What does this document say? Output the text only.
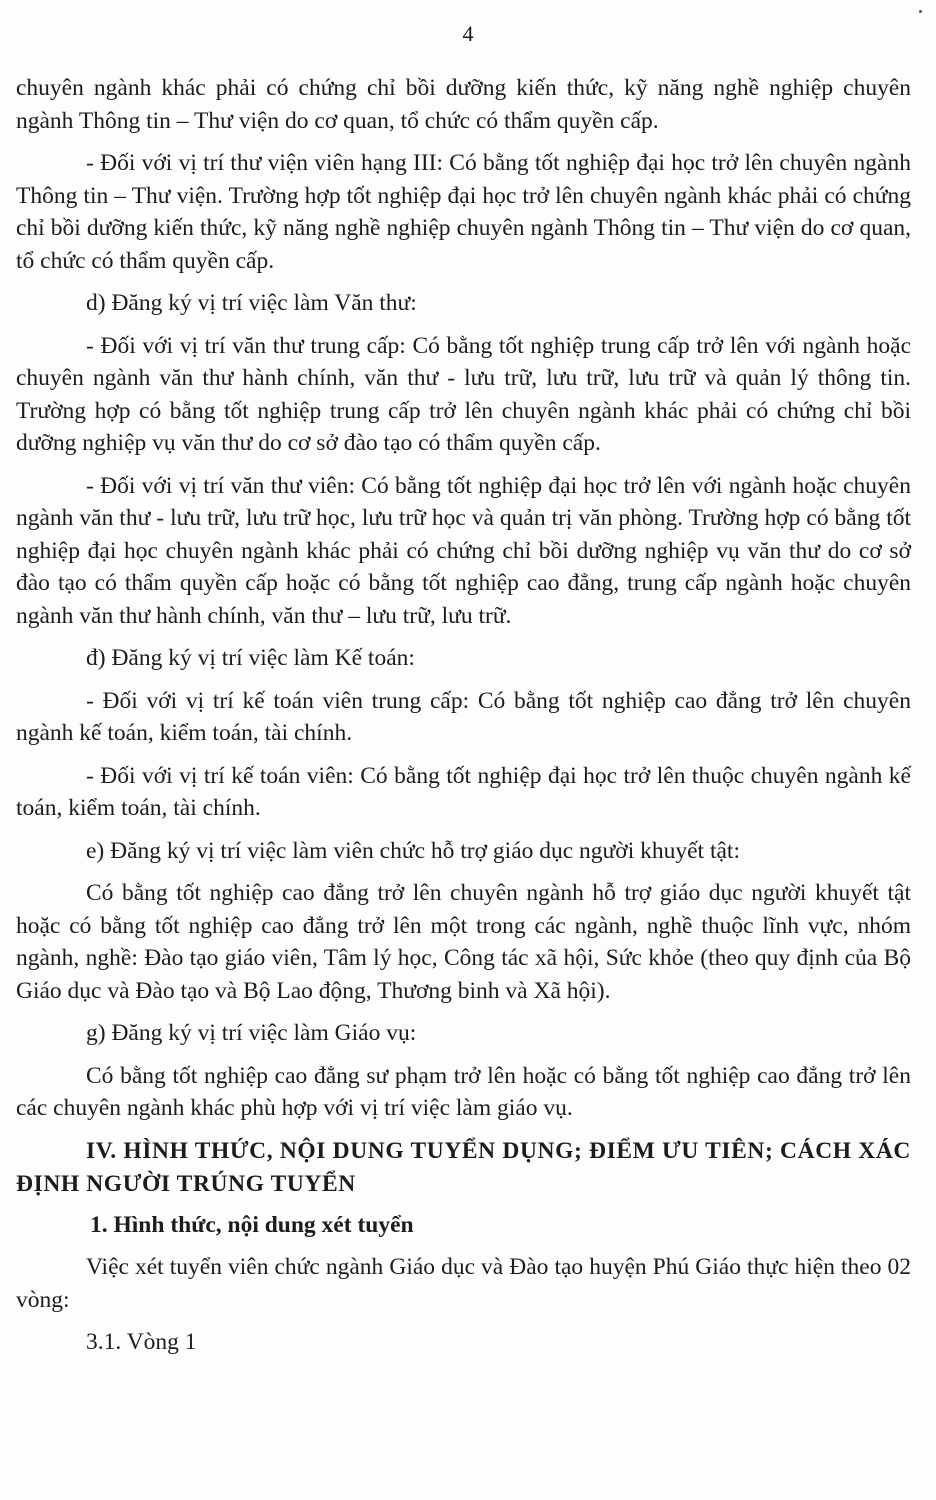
4

chuyên ngành khác phải có chứng chỉ bồi dưỡng kiến thức, kỹ năng nghề nghiệp chuyên ngành Thông tin – Thư viện do cơ quan, tổ chức có thẩm quyền cấp.

- Đối với vị trí thư viện viên hạng III: Có bằng tốt nghiệp đại học trở lên chuyên ngành Thông tin – Thư viện. Trường hợp tốt nghiệp đại học trở lên chuyên ngành khác phải có chứng chỉ bồi dưỡng kiến thức, kỹ năng nghề nghiệp chuyên ngành Thông tin – Thư viện do cơ quan, tổ chức có thẩm quyền cấp.

d) Đăng ký vị trí việc làm Văn thư:

- Đối với vị trí văn thư trung cấp: Có bằng tốt nghiệp trung cấp trở lên với ngành hoặc chuyên ngành văn thư hành chính, văn thư - lưu trữ, lưu trữ, lưu trữ và quản lý thông tin. Trường hợp có bằng tốt nghiệp trung cấp trở lên chuyên ngành khác phải có chứng chỉ bồi dưỡng nghiệp vụ văn thư do cơ sở đào tạo có thẩm quyền cấp.

- Đối với vị trí văn thư viên: Có bằng tốt nghiệp đại học trở lên với ngành hoặc chuyên ngành văn thư - lưu trữ, lưu trữ học, lưu trữ học và quản trị văn phòng. Trường hợp có bằng tốt nghiệp đại học chuyên ngành khác phải có chứng chỉ bồi dưỡng nghiệp vụ văn thư do cơ sở đào tạo có thẩm quyền cấp hoặc có bằng tốt nghiệp cao đẳng, trung cấp ngành hoặc chuyên ngành văn thư hành chính, văn thư – lưu trữ, lưu trữ.

đ) Đăng ký vị trí việc làm Kế toán:

- Đối với vị trí kế toán viên trung cấp: Có bằng tốt nghiệp cao đẳng trở lên chuyên ngành kế toán, kiểm toán, tài chính.

- Đối với vị trí kế toán viên: Có bằng tốt nghiệp đại học trở lên thuộc chuyên ngành kế toán, kiểm toán, tài chính.

e) Đăng ký vị trí việc làm viên chức hỗ trợ giáo dục người khuyết tật:

Có bằng tốt nghiệp cao đẳng trở lên chuyên ngành hỗ trợ giáo dục người khuyết tật hoặc có bằng tốt nghiệp cao đẳng trở lên một trong các ngành, nghề thuộc lĩnh vực, nhóm ngành, nghề: Đào tạo giáo viên, Tâm lý học, Công tác xã hội, Sức khỏe (theo quy định của Bộ Giáo dục và Đào tạo và Bộ Lao động, Thương binh và Xã hội).

g) Đăng ký vị trí việc làm Giáo vụ:

Có bằng tốt nghiệp cao đẳng sư phạm trở lên hoặc có bằng tốt nghiệp cao đẳng trở lên các chuyên ngành khác phù hợp với vị trí việc làm giáo vụ.

IV. HÌNH THỨC, NỘI DUNG TUYỂN DỤNG; ĐIỂM ƯU TIÊN; CÁCH XÁC ĐỊNH NGƯỜI TRÚNG TUYỂN
1. Hình thức, nội dung xét tuyển

Việc xét tuyển viên chức ngành Giáo dục và Đào tạo huyện Phú Giáo thực hiện theo 02 vòng:

3.1. Vòng 1
